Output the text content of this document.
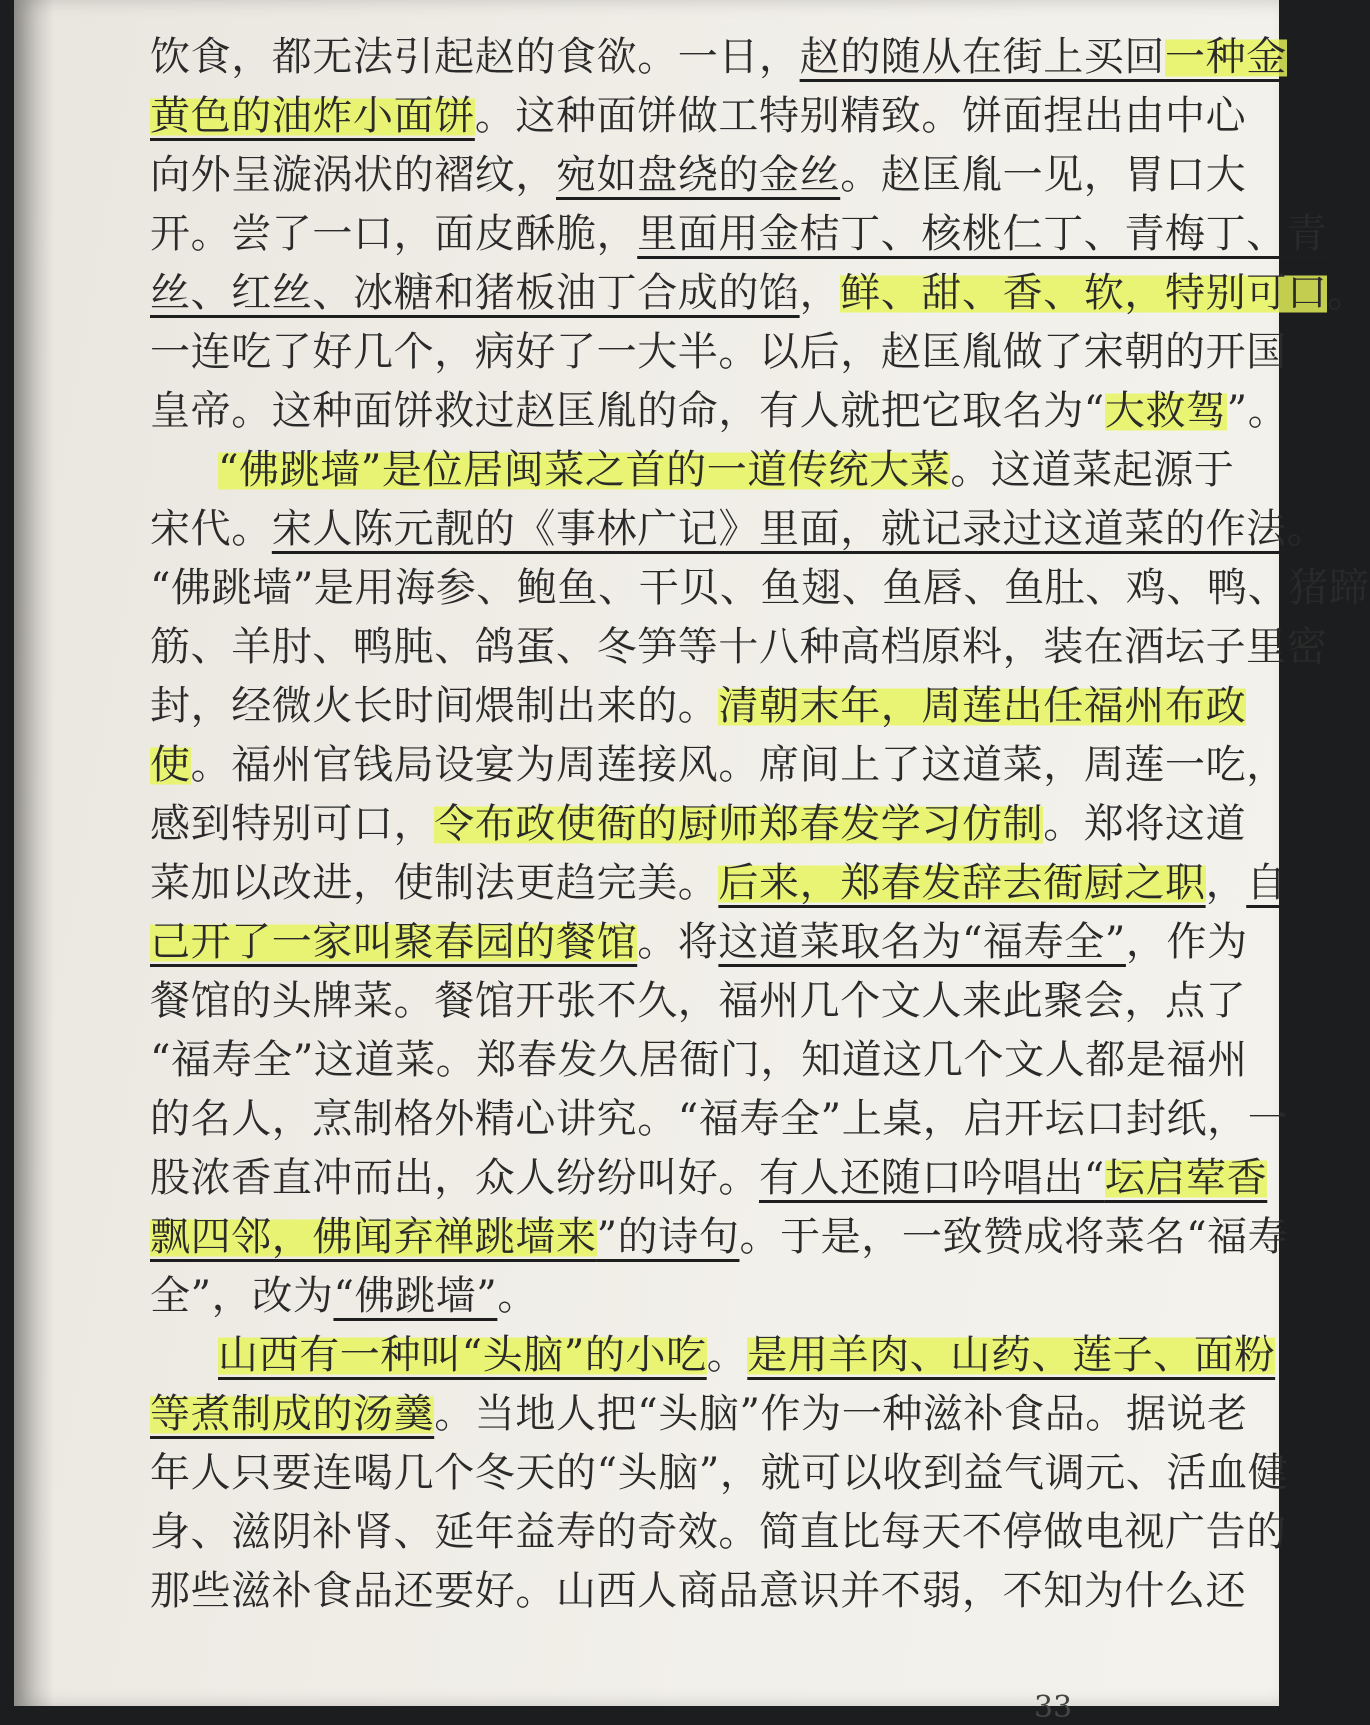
饮食，都无法引起赵的食欲。一日，赵的随从在街上买回一种金
黄色的油炸小面饼。这种面饼做工特别精致。饼面捏出由中心
向外呈漩涡状的褶纹，宛如盘绕的金丝。赵匡胤一见，胃口大
开。尝了一口，面皮酥脆，里面用金桔丁、核桃仁丁、青梅丁、青
丝、红丝、冰糖和猪板油丁合成的馅，鲜、甜、香、软，特别可口。
一连吃了好几个，病好了一大半。以后，赵匡胤做了宋朝的开国
皇帝。这种面饼救过赵匡胤的命，有人就把它取名为“大救驾”。
“佛跳墙”是位居闽菜之首的一道传统大菜。这道菜起源于
宋代。宋人陈元靓的《事林广记》里面，就记录过这道菜的作法。
“佛跳墙”是用海参、鲍鱼、干贝、鱼翅、鱼唇、鱼肚、鸡、鸭、猪蹄
筋、羊肘、鸭肫、鸽蛋、冬笋等十八种高档原料，装在酒坛子里密
封，经微火长时间煨制出来的。清朝末年，周莲出任福州布政
使。福州官钱局设宴为周莲接风。席间上了这道菜，周莲一吃，
感到特别可口，令布政使衙的厨师郑春发学习仿制。郑将这道
菜加以改进，使制法更趋完美。后来，郑春发辞去衙厨之职，自
己开了一家叫聚春园的餐馆。将这道菜取名为“福寿全”，作为
餐馆的头牌菜。餐馆开张不久，福州几个文人来此聚会，点了
“福寿全”这道菜。郑春发久居衙门，知道这几个文人都是福州
的名人，烹制格外精心讲究。“福寿全”上桌，启开坛口封纸，一
股浓香直冲而出，众人纷纷叫好。有人还随口吟唱出“坛启荤香
飘四邻，佛闻弃禅跳墙来”的诗句。于是，一致赞成将菜名“福寿
全”，改为“佛跳墙”。
山西有一种叫“头脑”的小吃。是用羊肉、山药、莲子、面粉
等煮制成的汤羹。当地人把“头脑”作为一种滋补食品。据说老
年人只要连喝几个冬天的“头脑”，就可以收到益气调元、活血健
身、滋阴补肾、延年益寿的奇效。简直比每天不停做电视广告的
那些滋补食品还要好。山西人商品意识并不弱，不知为什么还
33
